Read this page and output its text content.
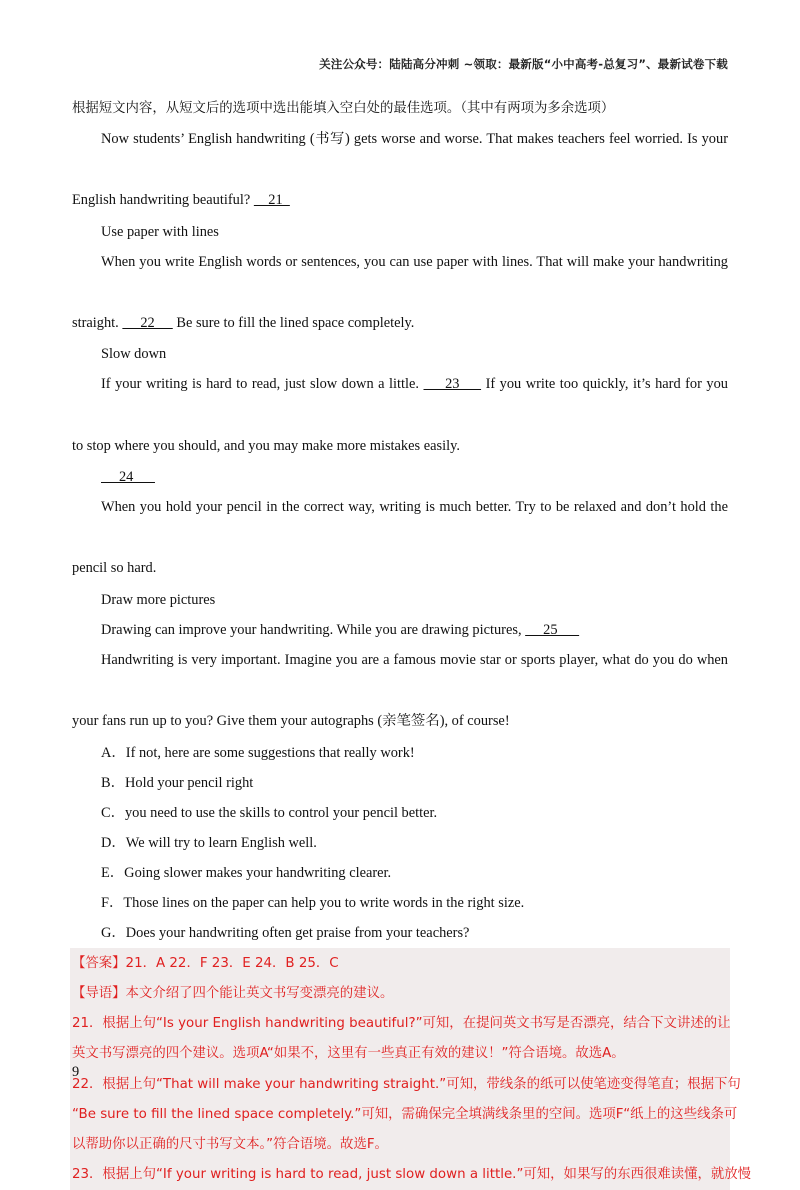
关注公众号：陆陆高分冲刺 ~领取：最新版“小中高考-总复习”、最新试卷下载

根据短文内容，从短文后的选项中选出能填入空白处的最佳选项。（其中有两项为多余选项）

Now students’ English handwriting (书写) gets worse and worse. That makes teachers feel worried. Is your

English handwriting beautiful?     21

Use paper with lines

When you write English words or sentences, you can use paper with lines. That will make your handwriting

straight.      22      Be sure to fill the lined space completely.

Slow down

If your writing is hard to read, just slow down a little.       23       If you write too quickly, it’s hard for you

to stop where you should, and you may make more mistakes easily.

24

When you hold your pencil in the correct way, writing is much better. Try to be relaxed and don’t hold the

pencil so hard.

Draw more pictures

Drawing can improve your handwriting. While you are drawing pictures,      25

Handwriting is very important. Imagine you are a famous movie star or sports player, what do you do when

your fans run up to you? Give them your autographs (亲笔签名), of course!

A．If not, here are some suggestions that really work!

B．Hold your pencil right

C．you need to use the skills to control your pencil better.

D．We will try to learn English well.

E．Going slower makes your handwriting clearer.

F．Those lines on the paper can help you to write words in the right size.

G．Does your handwriting often get praise from your teachers?

【答案】21．A 22．F 23．E 24．B 25．C

【导语】本文介绍了四个能让英文书写变漂亮的建议。

21．根据上句“Is your English handwriting beautiful?”可知，在提问英文书写是否漂亮，结合下文讲述的让

英文书写漂亮的四个建议。选项A“如果不，这里有一些真正有效的建议！”符合语境。故选A。

22．根据上句“That will make your handwriting straight.”可知，带线条的纸可以使笔迹变得笔直；根据下句

“Be sure to fill the lined space completely.”可知，需确保完全填满线条里的空间。选项F“纸上的这些线条可

以帮助你以正确的尺寸书写文本。”符合语境。故选F。

23．根据上句“If your writing is hard to read, just slow down a little.”可知，如果写的东西很难读懂，就放慢

9
